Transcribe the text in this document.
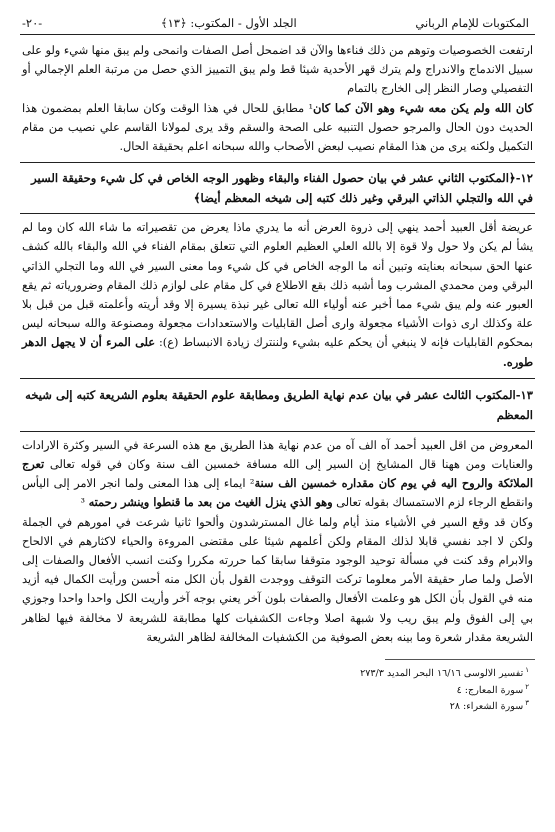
المكتوبات للإمام الرباني
الجلد الأول - المكتوب: ﴿١٣﴾
-٢٠-

ارتفعت الخصوصيات وتوهم من ذلك فناءها والآن قد اضمحل أصل الصفات وانمحى ولم يبق منها شيء ولو على سبيل الاندماج والاندراج ولم يترك قهر الأحدية شيئا قط ولم يبق التمييز الذي حصل من مرتبة العلم الإجمالي أو التفصيلي وصار النظر إلى الخارج بالتمام

كان الله ولم يكن معه شيء وهو الآن كما كان¹ مطابق للحال في هذا الوقت وكان سابقا العلم بمضمون هذا الحديث دون الحال والمرجو حصول التنبيه على الصحة والسقم وقد يرى لمولانا القاسم علي نصيب من مقام التكميل ولكنه يرى من هذا المقام نصيب لبعض الأصحاب والله سبحانه اعلم بحقيقة الحال.

١٢-﴿المكتوب الثاني عشر في بيان حصول الفناء والبقاء وظهور الوجه الخاص في كل شيء وحقيقة السير في الله والتجلي الذاتي البرقي وغير ذلك كتبه إلى شيخه المعظم أيضا﴾

عريضة أقل العبيد أحمد ينهي إلى ذروة العرض أنه ما يدري ماذا يعرض من تقصيراته ما شاء الله كان وما لم يشأ لم يكن ولا حول ولا قوة إلا بالله العلي العظيم العلوم التي تتعلق بمقام الفناء في الله والبقاء بالله كشف عنها الحق سبحانه بعنايته وتبين أنه ما الوجه الخاص في كل شيء وما معنى السير في الله وما التجلي الذاتي البرقي ومن محمدي المشرب وما أشبه ذلك بقع الاطلاع في كل مقام على لوازم ذلك المقام وضرورياته ثم يقع العبور عنه ولم يبق شيء مما أخبر عنه أولياء الله تعالى غير نبذة يسيرة إلا وقد أريته وأعلمته قبل من قبل بلا علة وكذلك ارى ذوات الأشياء مجعولة وارى أصل القابليات والاستعدادات مجعولة ومصنوعة والله سبحانه ليس بمحكوم القابليات فإنه لا ينبغي أن يحكم عليه بشيء ولننترك زيادة الانبساط (ع): على المرء أن لا يجهل الدهر طوره.

١٣-المكتوب الثالث عشر في بيان عدم نهاية الطريق ومطابقة علوم الحقيقة بعلوم الشريعة كتبه إلى شيخه المعظم

المعروض من اقل العبيد أحمد آه الف آه من عدم نهاية هذا الطريق مع هذه السرعة في السير وكثرة الارادات والعنايات ومن ههنا قال المشايخ إن السير إلى الله مسافة خمسين الف سنة وكان في قوله تعالى تعرج الملائكة والروح اليه في يوم كان مقداره خمسين الف سنة² ايماء إلى هذا المعنى ولما انجر الامر إلى اليأس وانقطع الرجاء لزم الاستمساك بقوله تعالى وهو الذي ينزل الغيث من بعد ما قنطوا وينشر رحمته ³

وكان قد وقع السير في الأشياء منذ أيام ولما غال المسترشدون وألحوا ثانيا شرعت في امورهم في الجملة ولكن لا اجد نفسي قابلا لذلك المقام ولكن أعلمهم شيئا على مقتضى المروءة والحياء لاكثارهم في الالحاح والابرام وقد كنت في مسألة توحيد الوجود متوقفا سابقا كما حررته مكررا وكنت انسب الأفعال والصفات إلى الأصل ولما صار حقيقة الأمر معلوما تركت التوقف ووجدت القول بأن الكل منه أحسن ورأيت الكمال فيه أزيد منه في القول بأن الكل هو وعلمت الأفعال والصفات بلون آخر يعني بوجه آخر وأريت الكل واحدا واحدا وجوزي بي إلى الفوق ولم يبق ريب ولا شبهة اصلا وجاءت الكشفيات كلها مطابقة للشريعة لا مخالفة فيها لظاهر الشريعة مقدار شعرة وما بينه بعض الصوفية من الكشفيات المخالفة لظاهر الشريعة

$^١$تفسير الالوسى ١٦/١٦ البحر المديد ٢٧٣/٣
$^٢$سورة المعارج: ٤
$^٣$سورة الشعراء: ٢٨
